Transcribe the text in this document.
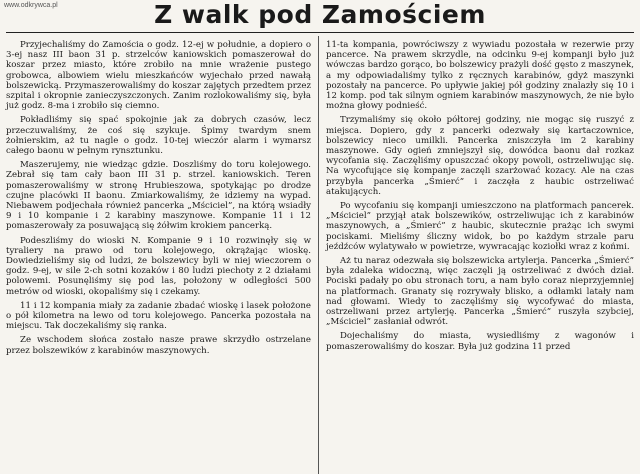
www.odkrywca.pl	Z walk pod Zamościem

Przyjechaliśmy do Zamościa o godz. 12-ej w południe, a dopiero o 3-ej nasz III baon 31 p. strzelców kaniowskich pomaszerował do koszar przez miasto, które zrobiło na mnie wrażenie pustego grobowca, albowiem wielu mieszkańców wyjechało przed nawałą bolszewicką. Przymaszerowaliśmy do koszar zajętych przedtem przez szpital i okropnie zanieczyszczonych. Zanim rozlokowaliśmy się, była już godz. 8-ma i zrobiło się ciemno.

Pokładliśmy się spać spokojnie jak za dobrych czasów, lecz przeczuwaliśmy, że coś się szykuje. Śpimy twardym snem żołnierskim, aż tu nagle o godz. 10-tej wieczór alarm i wymarsz całego baonu w pełnym rynsztunku.

Maszerujemy, nie wiedząc gdzie. Doszliśmy do toru kolejowego. Zebrał się tam cały baon III 31 p. strzel. kaniowskich. Teren pomaszerowaliśmy w stronę Hrubieszowa, spotykając po drodze czujne placówki II baonu. Zmiarkowaliśmy, że idziemy na wypad. Niebawem podjechała również pancerka „Mściciel”, na którą wsiadły 9 i 10 kompanie i 2 karabiny maszynowe. Kompanie 11 i 12 pomaszerowały za posuwającą się żółwim krokiem pancerką.

Podeszliśmy do wioski N. Kompanie 9 i 10 rozwinęły się w tyraliery na prawo od toru kolejowego, okrążając wioskę. Dowiedzieliśmy się od ludzi, że bolszewicy byli w niej wieczorem o godz. 9-ej, w sile 2-ch sotni kozaków i 80 ludzi piechoty z 2 działami polowemi. Posunęliśmy się pod las, położony w odległości 500 metrów od wioski, okopaliśmy się i czekamy.

11 i 12 kompania miały za zadanie zbadać wioskę i lasek położone o pół kilometra na lewo od toru kolejowego. Pancerka pozostała na miejscu. Tak doczekaliśmy się ranka.

Ze wschodem słońca zostało nasze prawe skrzydło ostrzelane przez bolszewików z karabinów maszynowych.

11-ta kompania, powróciwszy z wywiadu pozostała w rezerwie przy pancerce. Na prawem skrzydle, na odcinku 9-ej kompanji było już wówczas bardzo gorąco, bo bolszewicy prażyli dość gęsto z maszynek, a my odpowiadaliśmy tylko z ręcznych karabinów, gdyż maszynki pozostały na pancerce. Po upływie jakiej pół godziny znalazły się 10 i 12 komp. pod tak silnym ogniem karabinów maszynowych, że nie było można głowy podnieść.

Trzymaliśmy się około półtorej godziny, nie mogąc się ruszyć z miejsca. Dopiero, gdy z pancerki odezwały się kartaczownice, bolszewicy nieco umilkli. Pancerka zniszczyła im 2 karabiny maszynowe. Gdy ogień zmniejszył się, dowódca baonu dał rozkaz wycofania się. Zaczęliśmy opuszczać okopy powoli, ostrzeliwując się. Na wycofujące się kompanje zaczęli szarżować kozacy. Ale na czas przybyła pancerka „Śmierć” i zaczęła z haubic ostrzeliwać atakujących.

Po wycofaniu się kompanji umieszczono na platformach pancerek. „Mściciel” przyjął atak bolszewików, ostrzeliwując ich z karabinów maszynowych, a „Śmierć” z haubic, skutecznie prażąc ich swymi pociskami. Mieliśmy śliczny widok, bo po każdym strzale paru jeźdźców wylatywało w powietrze, wywracając koziołki wraz z końmi.

Aż tu naraz odezwała się bolszewicka artylerja. Pancerka „Śmierć” była zdaleka widoczną, więc zaczęli ją ostrzeliwać z dwóch dział. Pociski padały po obu stronach toru, a nam było coraz nieprzyjemniej na platformach. Granaty się rozrywały blisko, a odłamki latały nam nad głowami. Wiedy to zaczęliśmy się wycofywać do miasta, ostrzeliwani przez artylerję. Pancerka „Śmierć” ruszyła szybciej, „Mściciel” zasłaniał odwrót.

Dojechaliśmy do miasta, wysiedliśmy z wagonów i pomaszerowaliśmy do koszar. Była już godzina 11 przed
